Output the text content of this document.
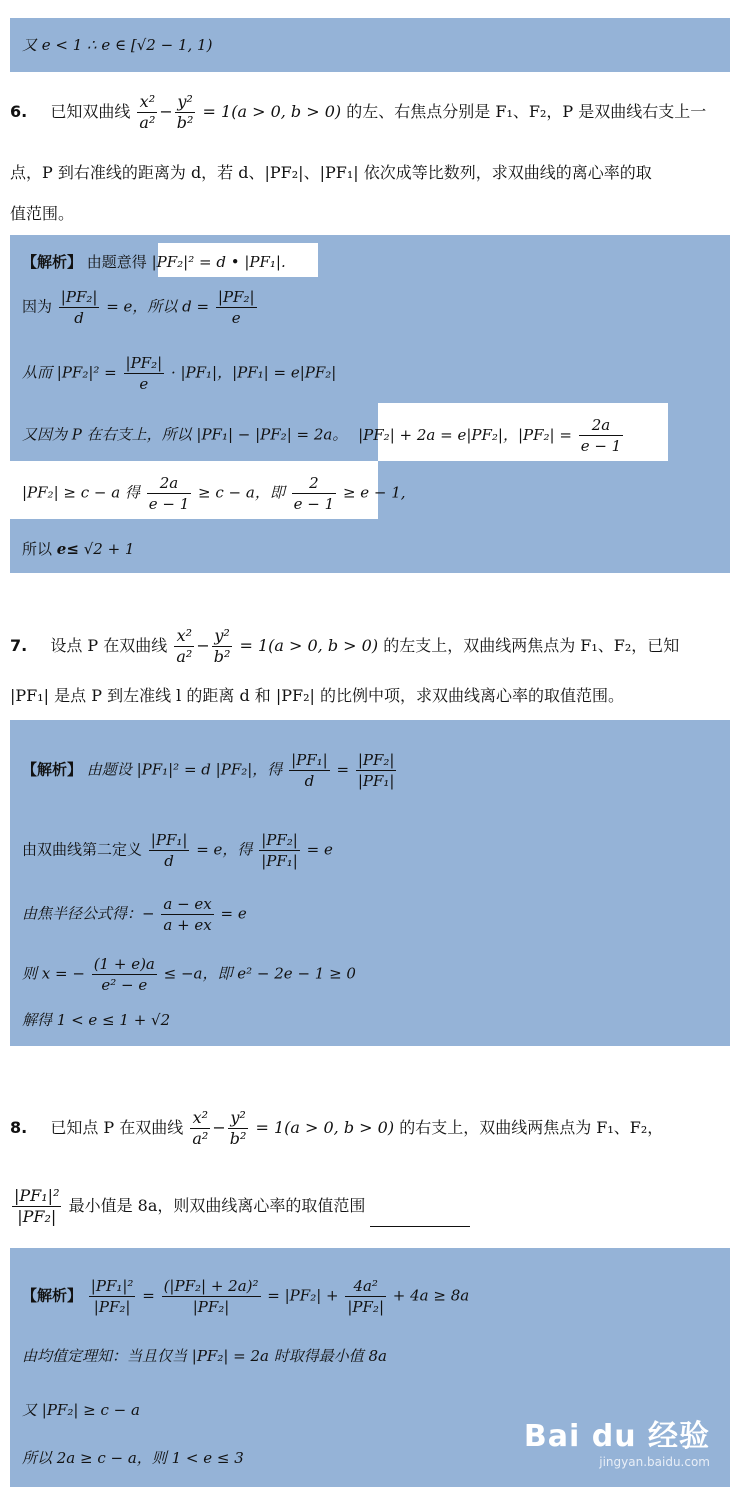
又 e < 1 ∴ e ∈ [√2 − 1, 1)
6. 已知双曲线 $\frac{\text{x²}}{\text{a²}} - \frac{\text{y²}}{\text{b²}} = 1(a > 0$, b > 0) 的左、右焦点分别是 F₁、F₂，P 是双曲线右支上一
点，P 到右准线的距离为 d，若 d、|PF₂|、|PF₁| 依次成等比数列，求双曲线的离心率的取
值范围。
【解析】 由题意得 |PF₂|² = d • |PF₁|.
因为 $\frac{\text{|PF₂|}}{d} = e$，所以 $d = \frac{\text{|PF₂|}}{e}$
从而 $|PF_2|^2 = \frac{\text{|PF₂|}}{e} \cdot |PF_1|$，|PF₁| = e|PF₂|
又因为 P 在右支上，所以 |PF₁| − |PF₂| = 2a。 |PF₂| + 2a = e|PF₂|，$|PF_2| = \frac{2a}{e - 1}$
|PF₂| ≥ c − a 得 $\frac{2a}{e - 1} \ge c - a$，即 $\frac{2}{e - 1} \ge e - 1$,
所以 e≤ √2 + 1
7. 设点 P 在双曲线 $\frac{\text{x²}}{\text{a²}} - \frac{\text{y²}}{\text{b²}} = 1(a > 0$, b > 0) 的左支上，双曲线两焦点为 F₁、F₂，已知
|PF₁| 是点 P 到左准线 l 的距离 d 和 |PF₂| 的比例中项，求双曲线离心率的取值范围。
【解析】 由题设 |PF₁|² = d |PF₂|，得 $\frac{\text{|PF₁|}}{d} = \frac{\text{|PF₂|}}{\text{|PF₁|}}$
由双曲线第二定义 $\frac{\text{|PF₁|}}{d} = e$，得 $\frac{\text{|PF₂|}}{\text{|PF₁|}} = e$
由焦半径公式得：− $\frac{a - ex}{a + ex} = e$
则 x = − $\frac{(1 + e)a}{\text{e² − e}} \le -a$，即 e² − 2e − 1 ≥ 0
解得 1 < e ≤ 1 + √2
8. 已知点 P 在双曲线 $\frac{\text{x²}}{\text{a²}} - \frac{\text{y²}}{\text{b²}} = 1(a > 0$, b > 0) 的右支上，双曲线两焦点为 F₁、F₂，
$\frac{\text{|PF₁|²}}{\text{|PF₂|}}$ 最小值是 8a，则双曲线离心率的取值范围
【解析】 $\frac{\text{|PF₁|²}}{\text{|PF₂|}} = \frac{\text{(|PF₂| + 2a)²}}{\text{|PF₂|}} = |PF_2| + \frac{\text{4a²}}{\text{|PF₂|}} + 4a \ge 8a$
由均值定理知：当且仅当 |PF₂| = 2a 时取得最小值 8a
又 |PF₂| ≥ c − a
所以 2a ≥ c − a，则 1 < e ≤ 3
Bai du 经验
jingyan.baidu.com
